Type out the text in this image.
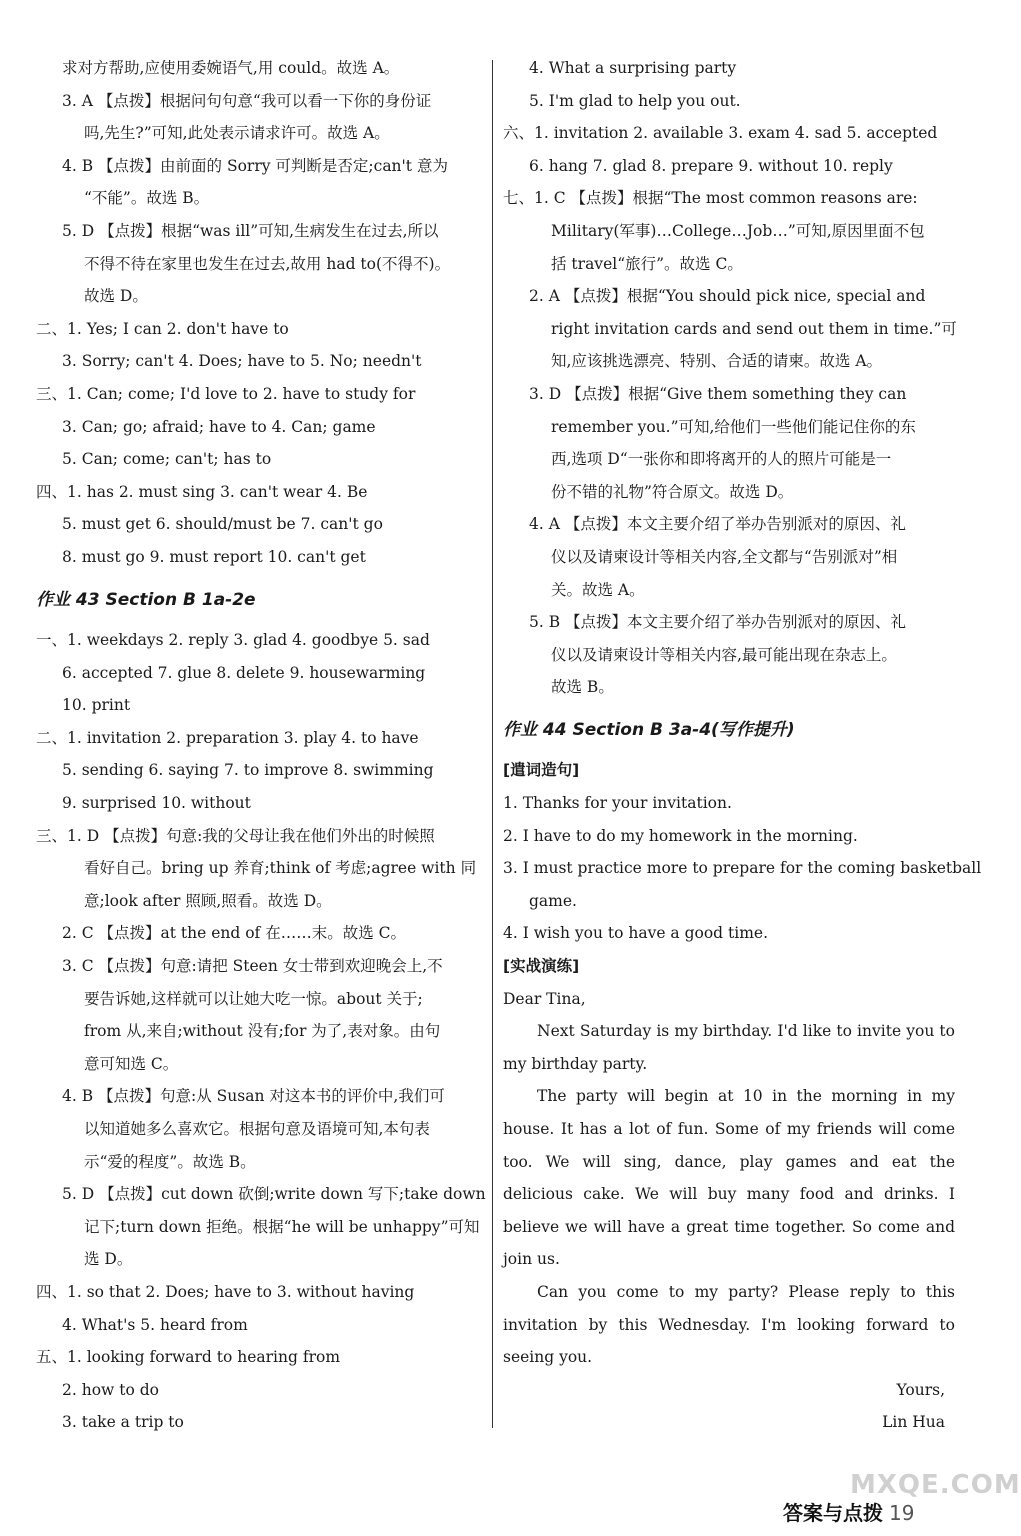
求对方帮助,应使用委婉语气,用 could。故选 A。
3. A 【点拨】根据问句句意“我可以看一下你的身份证
吗,先生?”可知,此处表示请求许可。故选 A。
4. B 【点拨】由前面的 Sorry 可判断是否定;can't 意为
“不能”。故选 B。
5. D 【点拨】根据“was ill”可知,生病发生在过去,所以
不得不待在家里也发生在过去,故用 had to(不得不)。
故选 D。
二、1. Yes; I can 2. don't have to
3. Sorry; can't 4. Does; have to 5. No; needn't
三、1. Can; come; I'd love to 2. have to study for
3. Can; go; afraid; have to 4. Can; game
5. Can; come; can't; has to
四、1. has 2. must sing 3. can't wear 4. Be
5. must get 6. should/must be 7. can't go
8. must go 9. must report 10. can't get
作业 43 Section B 1a-2e
一、1. weekdays 2. reply 3. glad 4. goodbye 5. sad
6. accepted 7. glue 8. delete 9. housewarming
10. print
二、1. invitation 2. preparation 3. play 4. to have
5. sending 6. saying 7. to improve 8. swimming
9. surprised 10. without
三、1. D 【点拨】句意:我的父母让我在他们外出的时候照
看好自己。bring up 养育;think of 考虑;agree with 同
意;look after 照顾,照看。故选 D。
2. C 【点拨】at the end of 在……末。故选 C。
3. C 【点拨】句意:请把 Steen 女士带到欢迎晚会上,不
要告诉她,这样就可以让她大吃一惊。about 关于;
from 从,来自;without 没有;for 为了,表对象。由句
意可知选 C。
4. B 【点拨】句意:从 Susan 对这本书的评价中,我们可
以知道她多么喜欢它。根据句意及语境可知,本句表
示“爱的程度”。故选 B。
5. D 【点拨】cut down 砍倒;write down 写下;take down
记下;turn down 拒绝。根据“he will be unhappy”可知
选 D。
四、1. so that 2. Does; have to 3. without having
4. What's 5. heard from
五、1. looking forward to hearing from
2. how to do
3. take a trip to
4. What a surprising party
5. I'm glad to help you out.
六、1. invitation 2. available 3. exam 4. sad 5. accepted
6. hang 7. glad 8. prepare 9. without 10. reply
七、1. C 【点拨】根据“The most common reasons are:
Military(军事)…College…Job…”可知,原因里面不包
括 travel“旅行”。故选 C。
2. A 【点拨】根据“You should pick nice, special and
right invitation cards and send out them in time.”可
知,应该挑选漂亮、特别、合适的请柬。故选 A。
3. D 【点拨】根据“Give them something they can
remember you.”可知,给他们一些他们能记住你的东
西,选项 D“一张你和即将离开的人的照片可能是一
份不错的礼物”符合原文。故选 D。
4. A 【点拨】本文主要介绍了举办告别派对的原因、礼
仪以及请柬设计等相关内容,全文都与“告别派对”相
关。故选 A。
5. B 【点拨】本文主要介绍了举办告别派对的原因、礼
仪以及请柬设计等相关内容,最可能出现在杂志上。
故选 B。
作业 44 Section B 3a-4(写作提升)
[遣词造句]
1. Thanks for your invitation.
2. I have to do my homework in the morning.
3. I must practice more to prepare for the coming basketball
game.
4. I wish you to have a good time.
[实战演练]
Dear Tina,
Next Saturday is my birthday. I'd like to invite you to my birthday party.
The party will begin at 10 in the morning in my house. It has a lot of fun. Some of my friends will come too. We will sing, dance, play games and eat the delicious cake. We will buy many food and drinks. I believe we will have a great time together. So come and join us.
Can you come to my party? Please reply to this invitation by this Wednesday. I'm looking forward to seeing you.
Yours,
Lin Hua
答案与点拨 19
MXQE.COM
